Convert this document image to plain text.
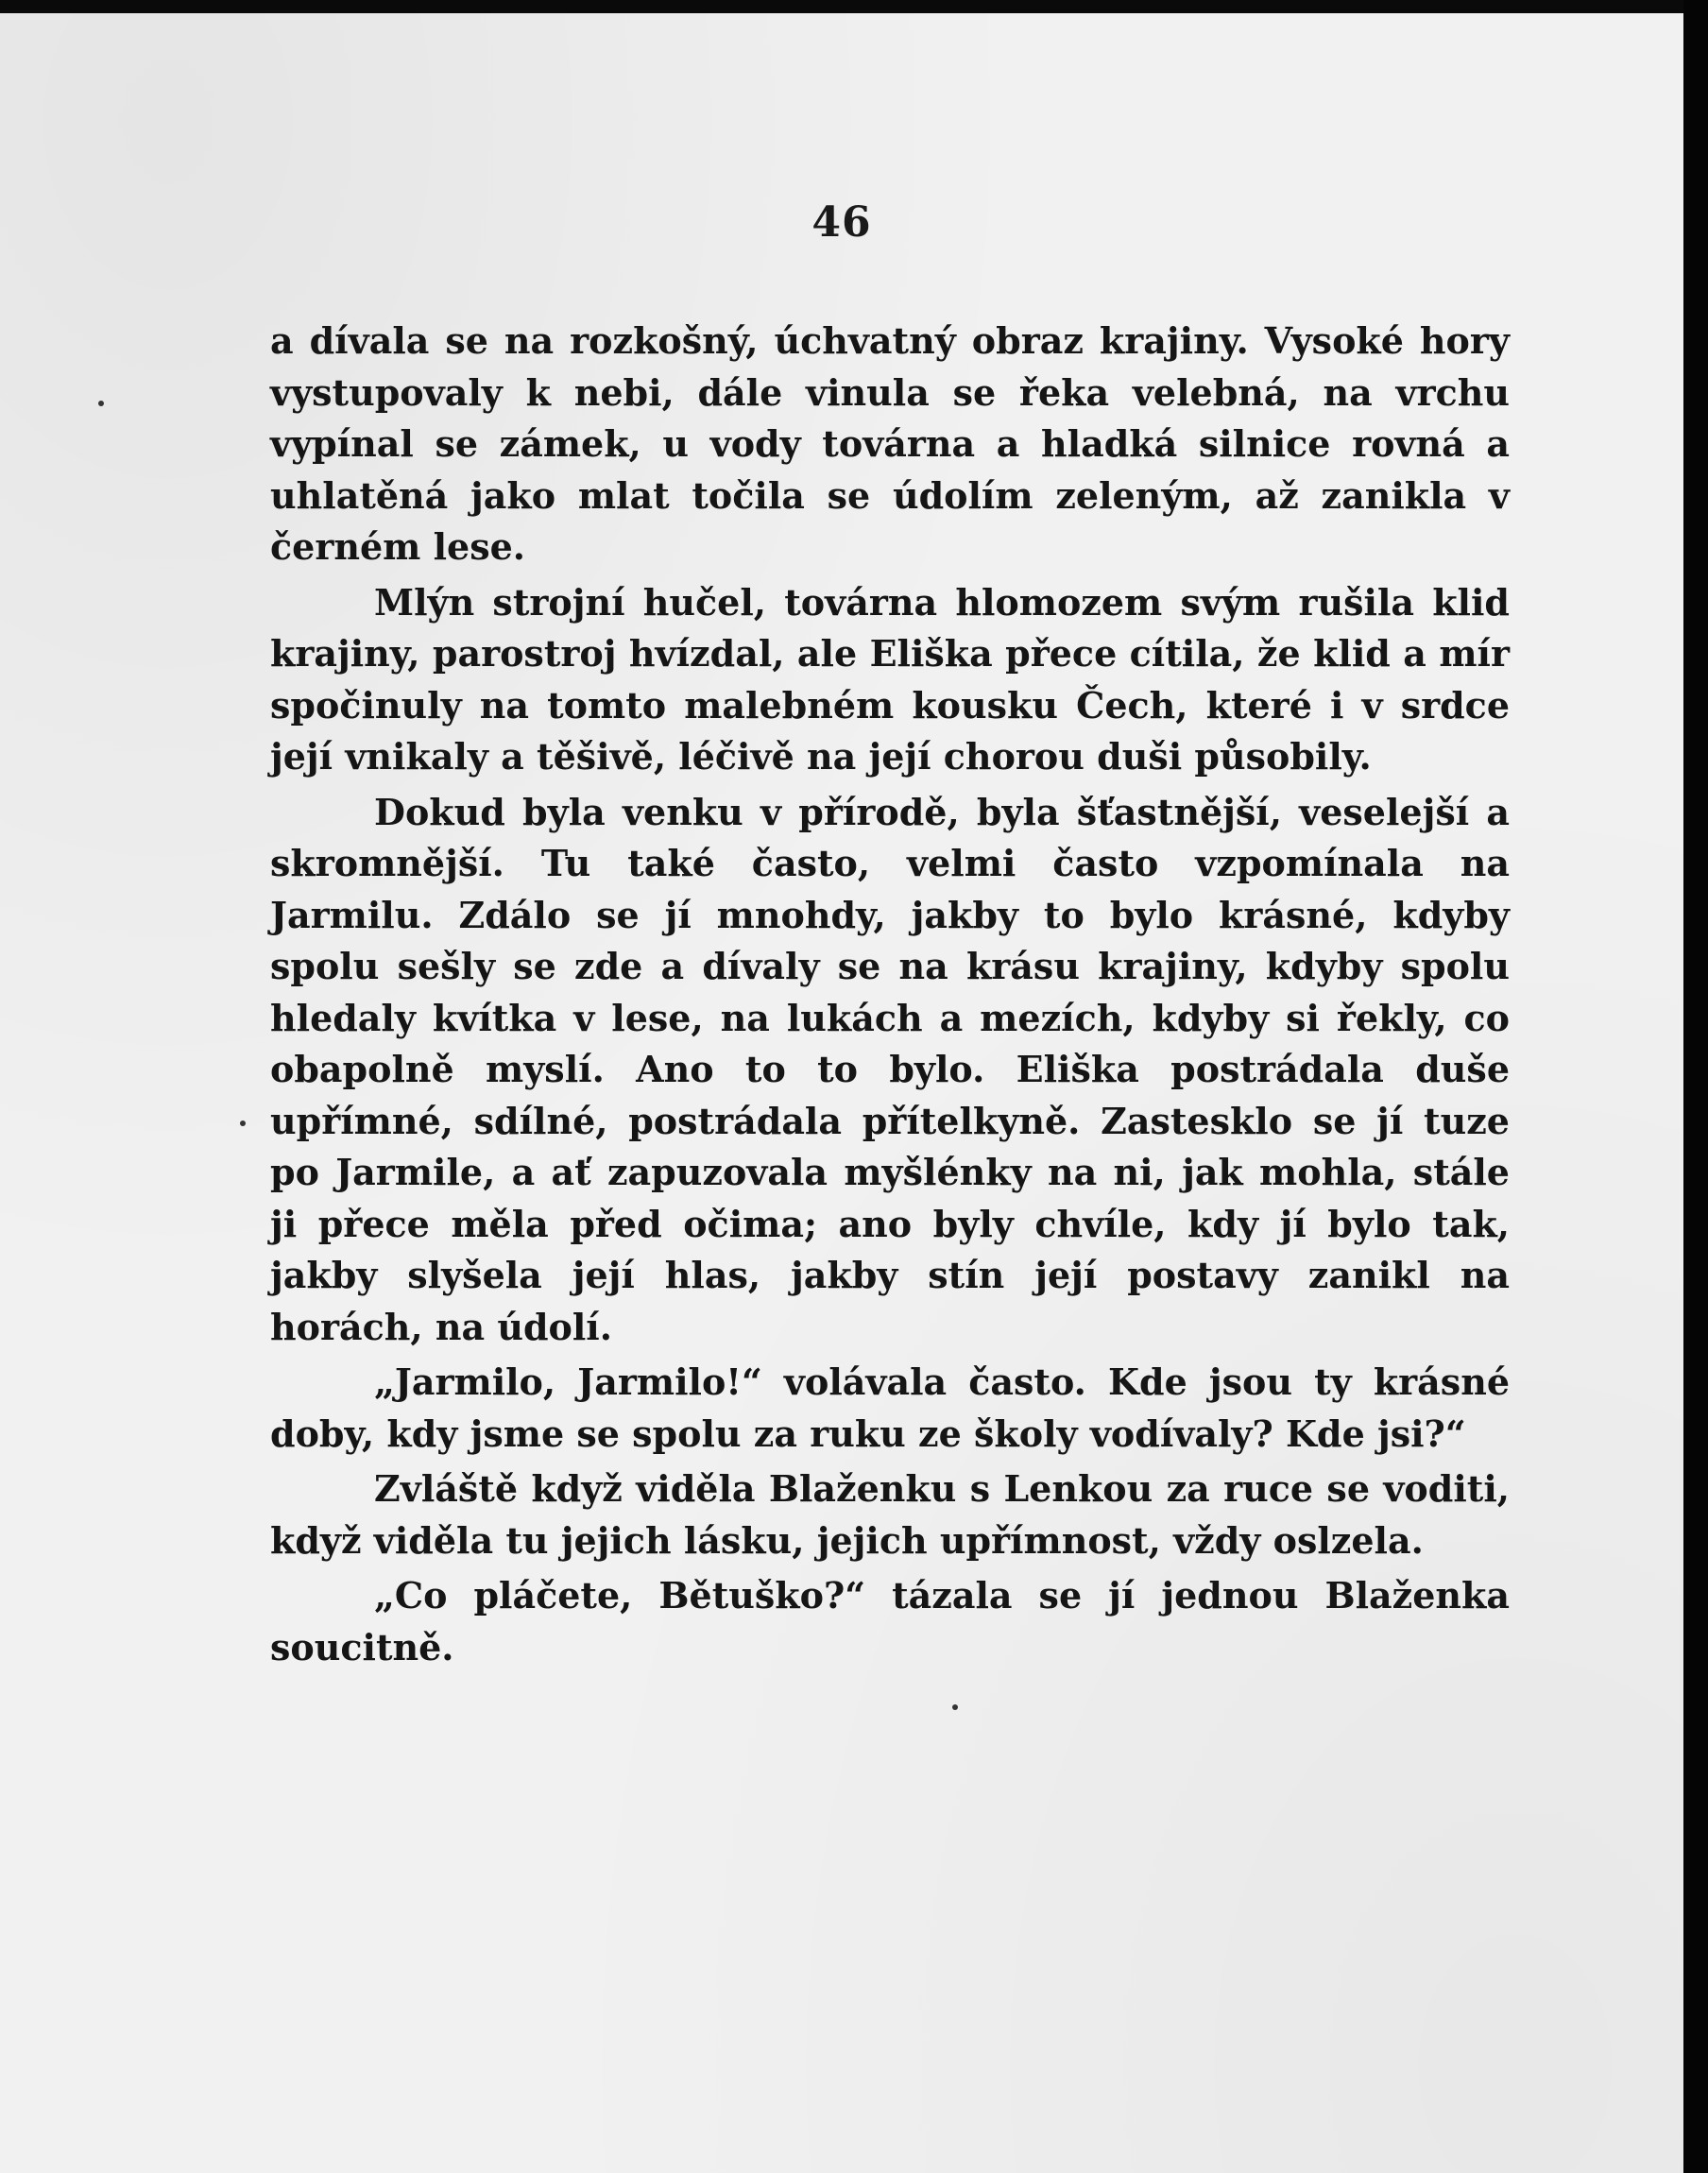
46

a dívala se na rozkošný, úchvatný obraz krajiny. Vysoké hory vystupovaly k nebi, dále vinula se řeka velebná, na vrchu vypínal se zámek, u vody továrna a hladká silnice rovná a uhlatěná jako mlat točila se údolím zeleným, až zanikla v černém lese.

Mlýn strojní hučel, továrna hlomozem svým rušila klid krajiny, parostroj hvízdal, ale Eliška přece cítila, že klid a mír spočinuly na tomto malebném kousku Čech, které i v srdce její vnikaly a těšivě, léčivě na její chorou duši působily.

Dokud byla venku v přírodě, byla šťastnější, veselejší a skromnější. Tu také často, velmi často vzpomínala na Jarmilu. Zdálo se jí mnohdy, jakby to bylo krásné, kdyby spolu sešly se zde a dívaly se na krásu krajiny, kdyby spolu hledaly kvítka v lese, na lukách a mezích, kdyby si řekly, co obapolně myslí. Ano to to bylo. Eliška postrádala duše upřímné, sdílné, postrádala přítelkyně. Zastesklo se jí tuze po Jarmile, a ať zapuzovala myšlénky na ni, jak mohla, stále ji přece měla před očima; ano byly chvíle, kdy jí bylo tak, jakby slyšela její hlas, jakby stín její postavy zanikl na horách, na údolí.

„Jarmilo, Jarmilo!“ volávala často. Kde jsou ty krásné doby, kdy jsme se spolu za ruku ze školy vodívaly? Kde jsi?“

Zvláště když viděla Blaženku s Lenkou za ruce se voditi, když viděla tu jejich lásku, jejich upřímnost, vždy oslzela.

„Co pláčete, Bětuško?“ tázala se jí jednou Blaženka soucitně.
